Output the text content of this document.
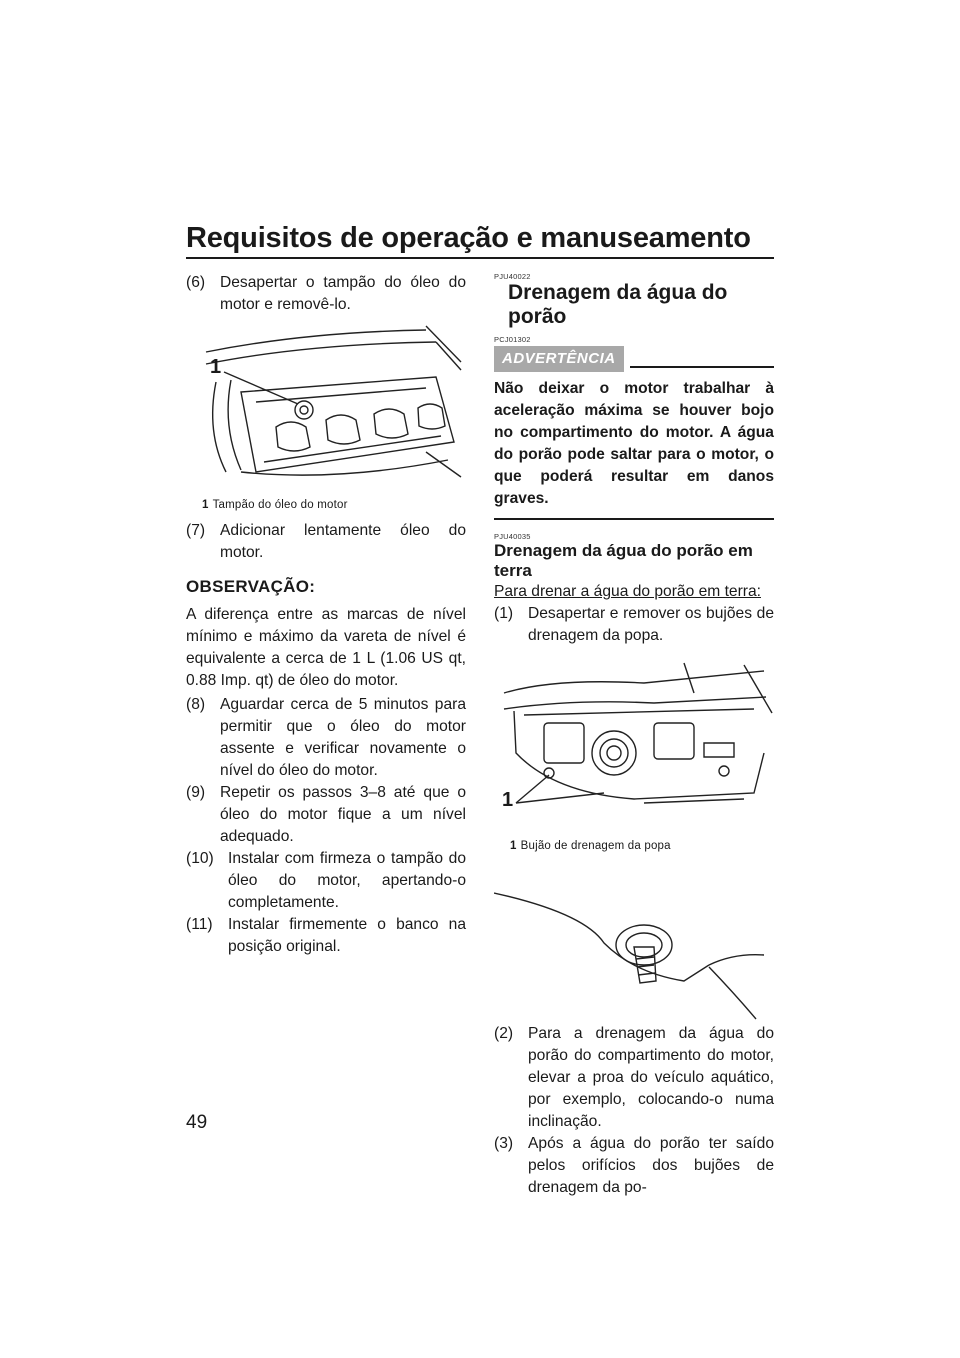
Requisitos de operação e manuseamento
(6) Desapertar o tampão do óleo do motor e removê-lo.
1
1 Tampão do óleo do motor
(7) Adicionar lentamente óleo do motor.
OBSERVAÇÃO:

A diferença entre as marcas de nível mínimo e máximo da vareta de nível é equivalente a cerca de 1 L (1.06 US qt, 0.88 Imp. qt) de óleo do motor.

(8) Aguardar cerca de 5 minutos para permitir que o óleo do motor assente e verificar novamente o nível do óleo do motor.
(9) Repetir os passos 3–8 até que o óleo do motor fique a um nível adequado.
(10) Instalar com firmeza o tampão do óleo do motor, apertando-o completamente.
(11) Instalar firmemente o banco na posição original.

PJU40022

Drenagem da água do porão

PCJ01302

ADVERTÊNCIA

Não deixar o motor trabalhar à aceleração máxima se houver bojo no compartimento do motor. A água do porão pode saltar para o motor, o que poderá resultar em danos graves.

PJU40035

Drenagem da água do porão em terra

Para drenar a água do porão em terra:

(1) Desapertar e remover os bujões de drenagem da popa.
1
1 Bujão de drenagem da popa
(2) Para a drenagem da água do porão do compartimento do motor, elevar a proa do veículo aquático, por exemplo, colocando-o numa inclinação.
(3) Após a água do porão ter saído pelos orifícios dos bujões de drenagem da po-
49
